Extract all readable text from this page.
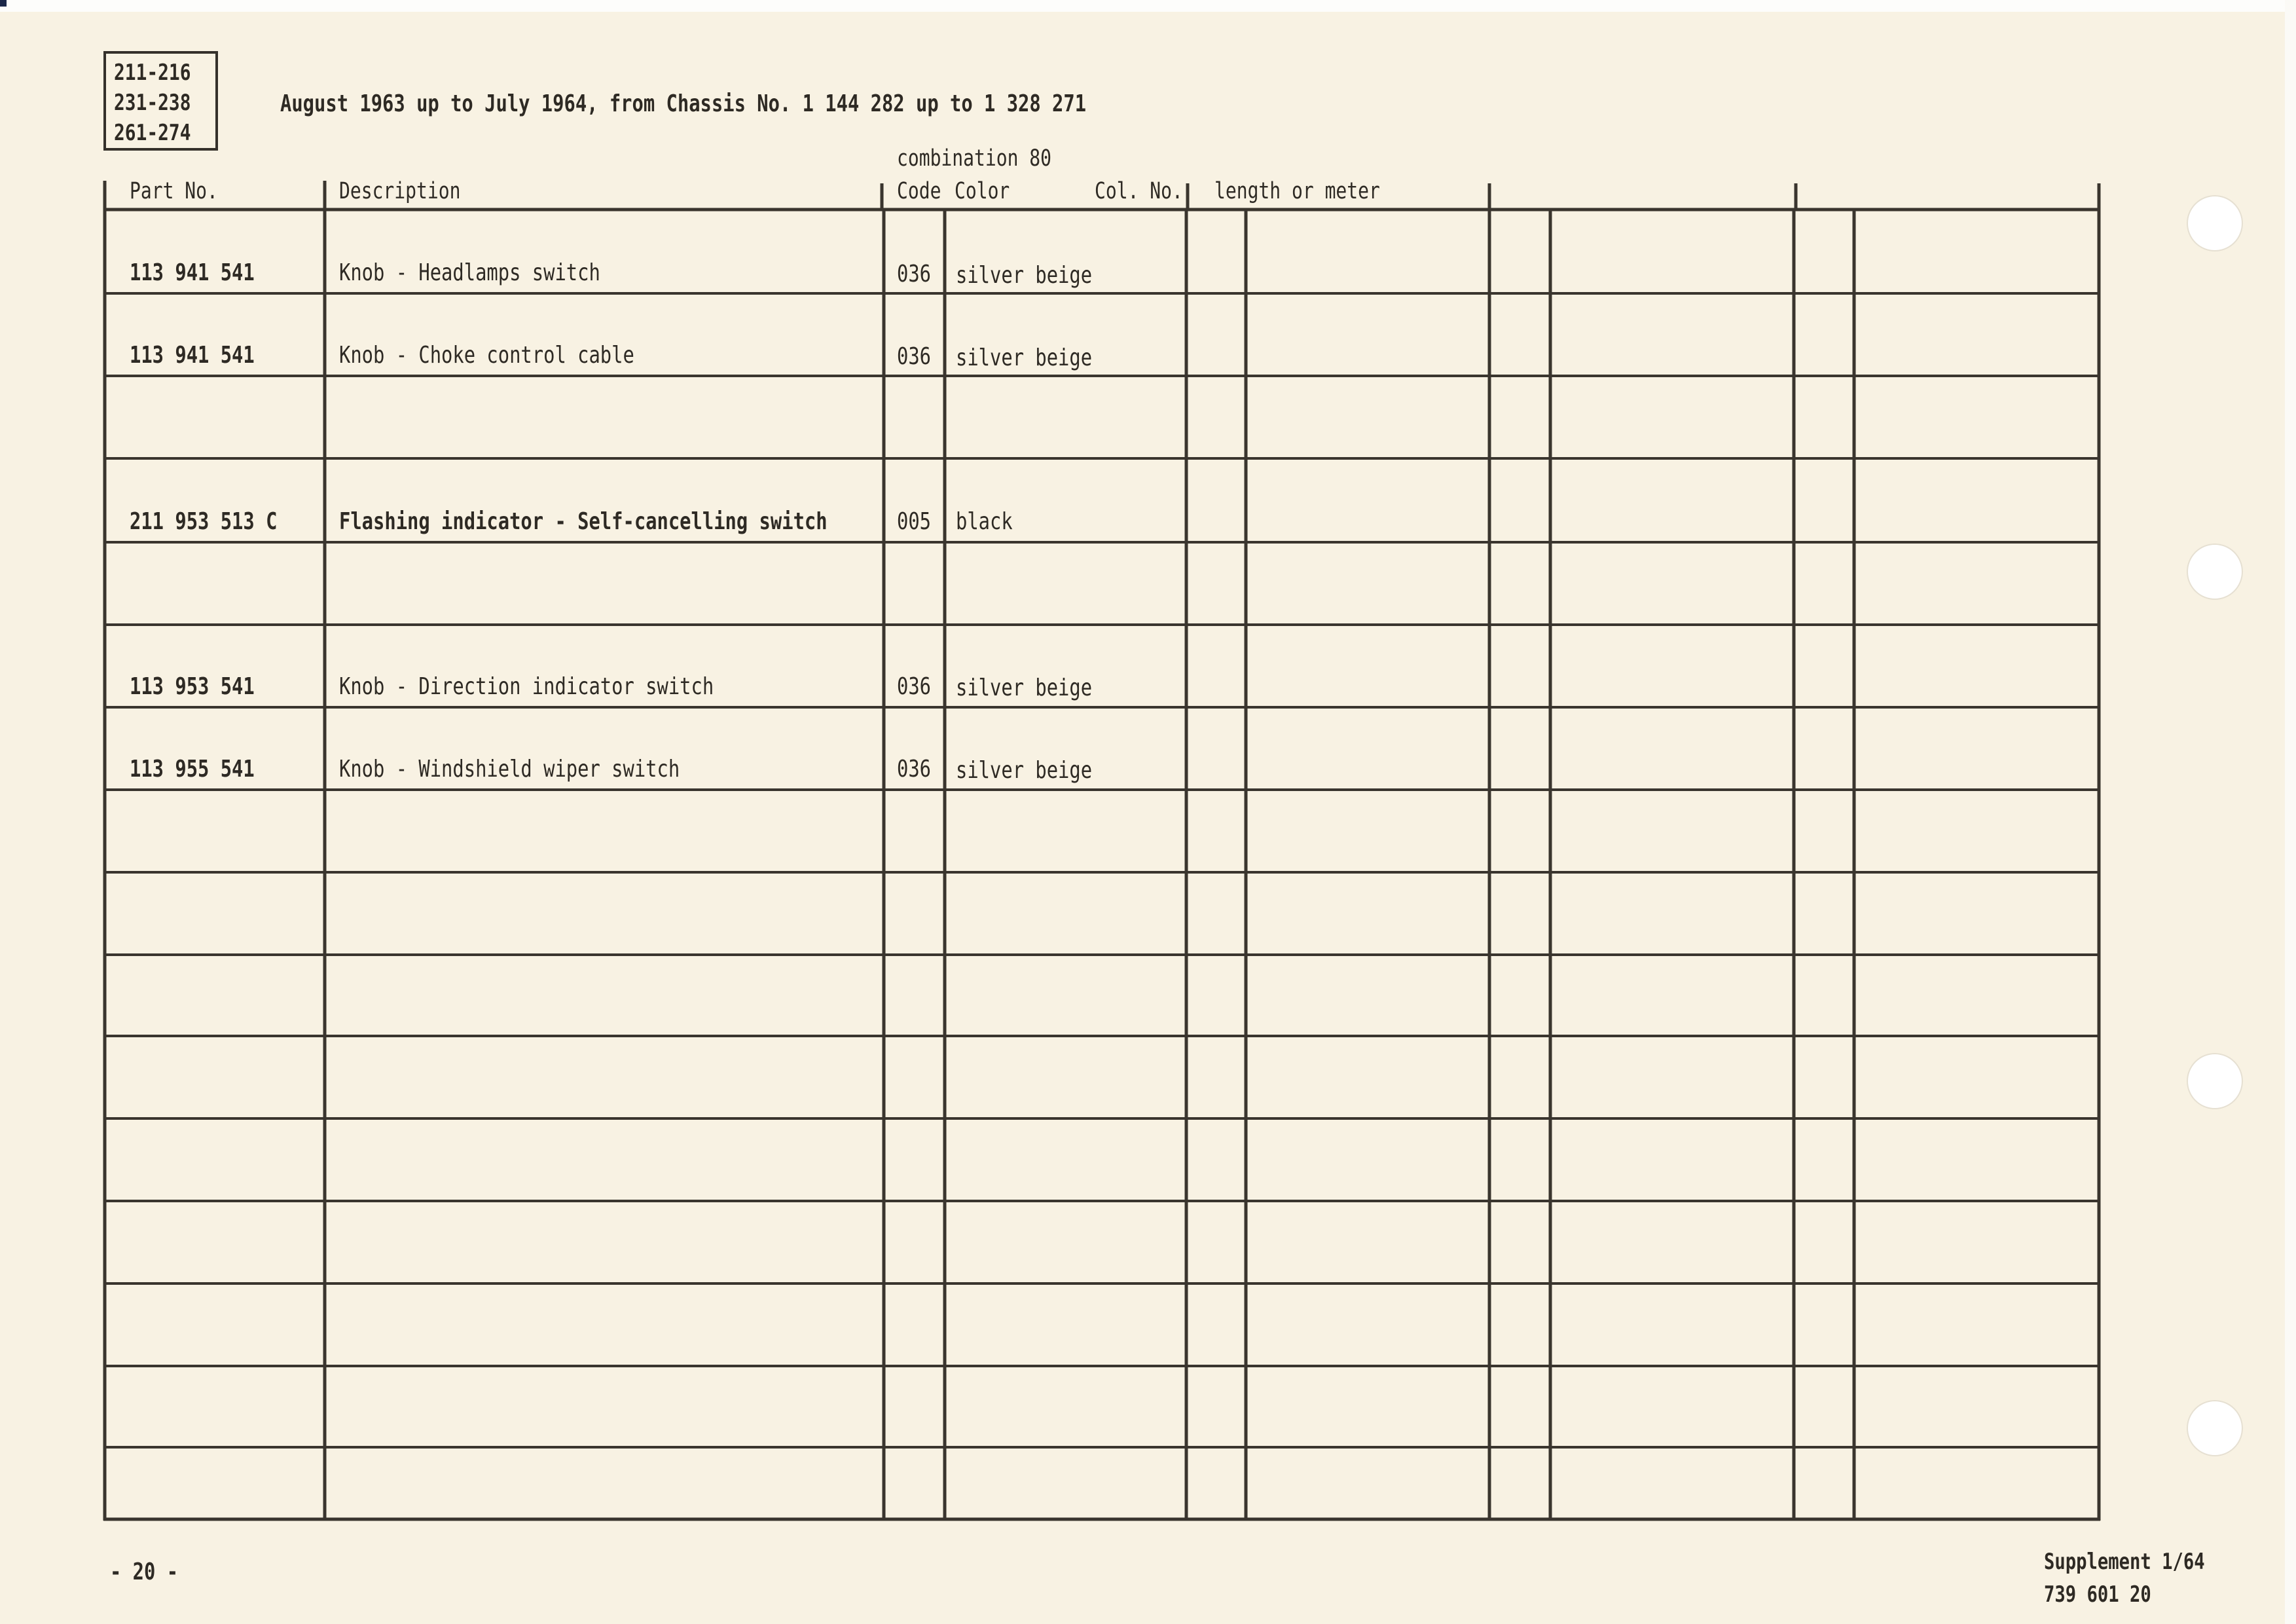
211-216
231-238
261-274
August 1963 up to July 1964, from Chassis No. 1 144 282 up to 1 328 271
combination 80
Part No.	Description	Code Color	Col. No. length or meter
113 941 541	Knob - Headlamps switch	036 silver beige
113 941 541	Knob - Choke control cable	036 silver beige
211 953 513 C	Flashing indicator - Self-cancelling switch	005 black
113 953 541	Knob - Direction indicator switch	036 silver beige
113 955 541	Knob - Windshield wiper switch	036 silver beige
- 20 -	Supplement 1/64
739 601 20
